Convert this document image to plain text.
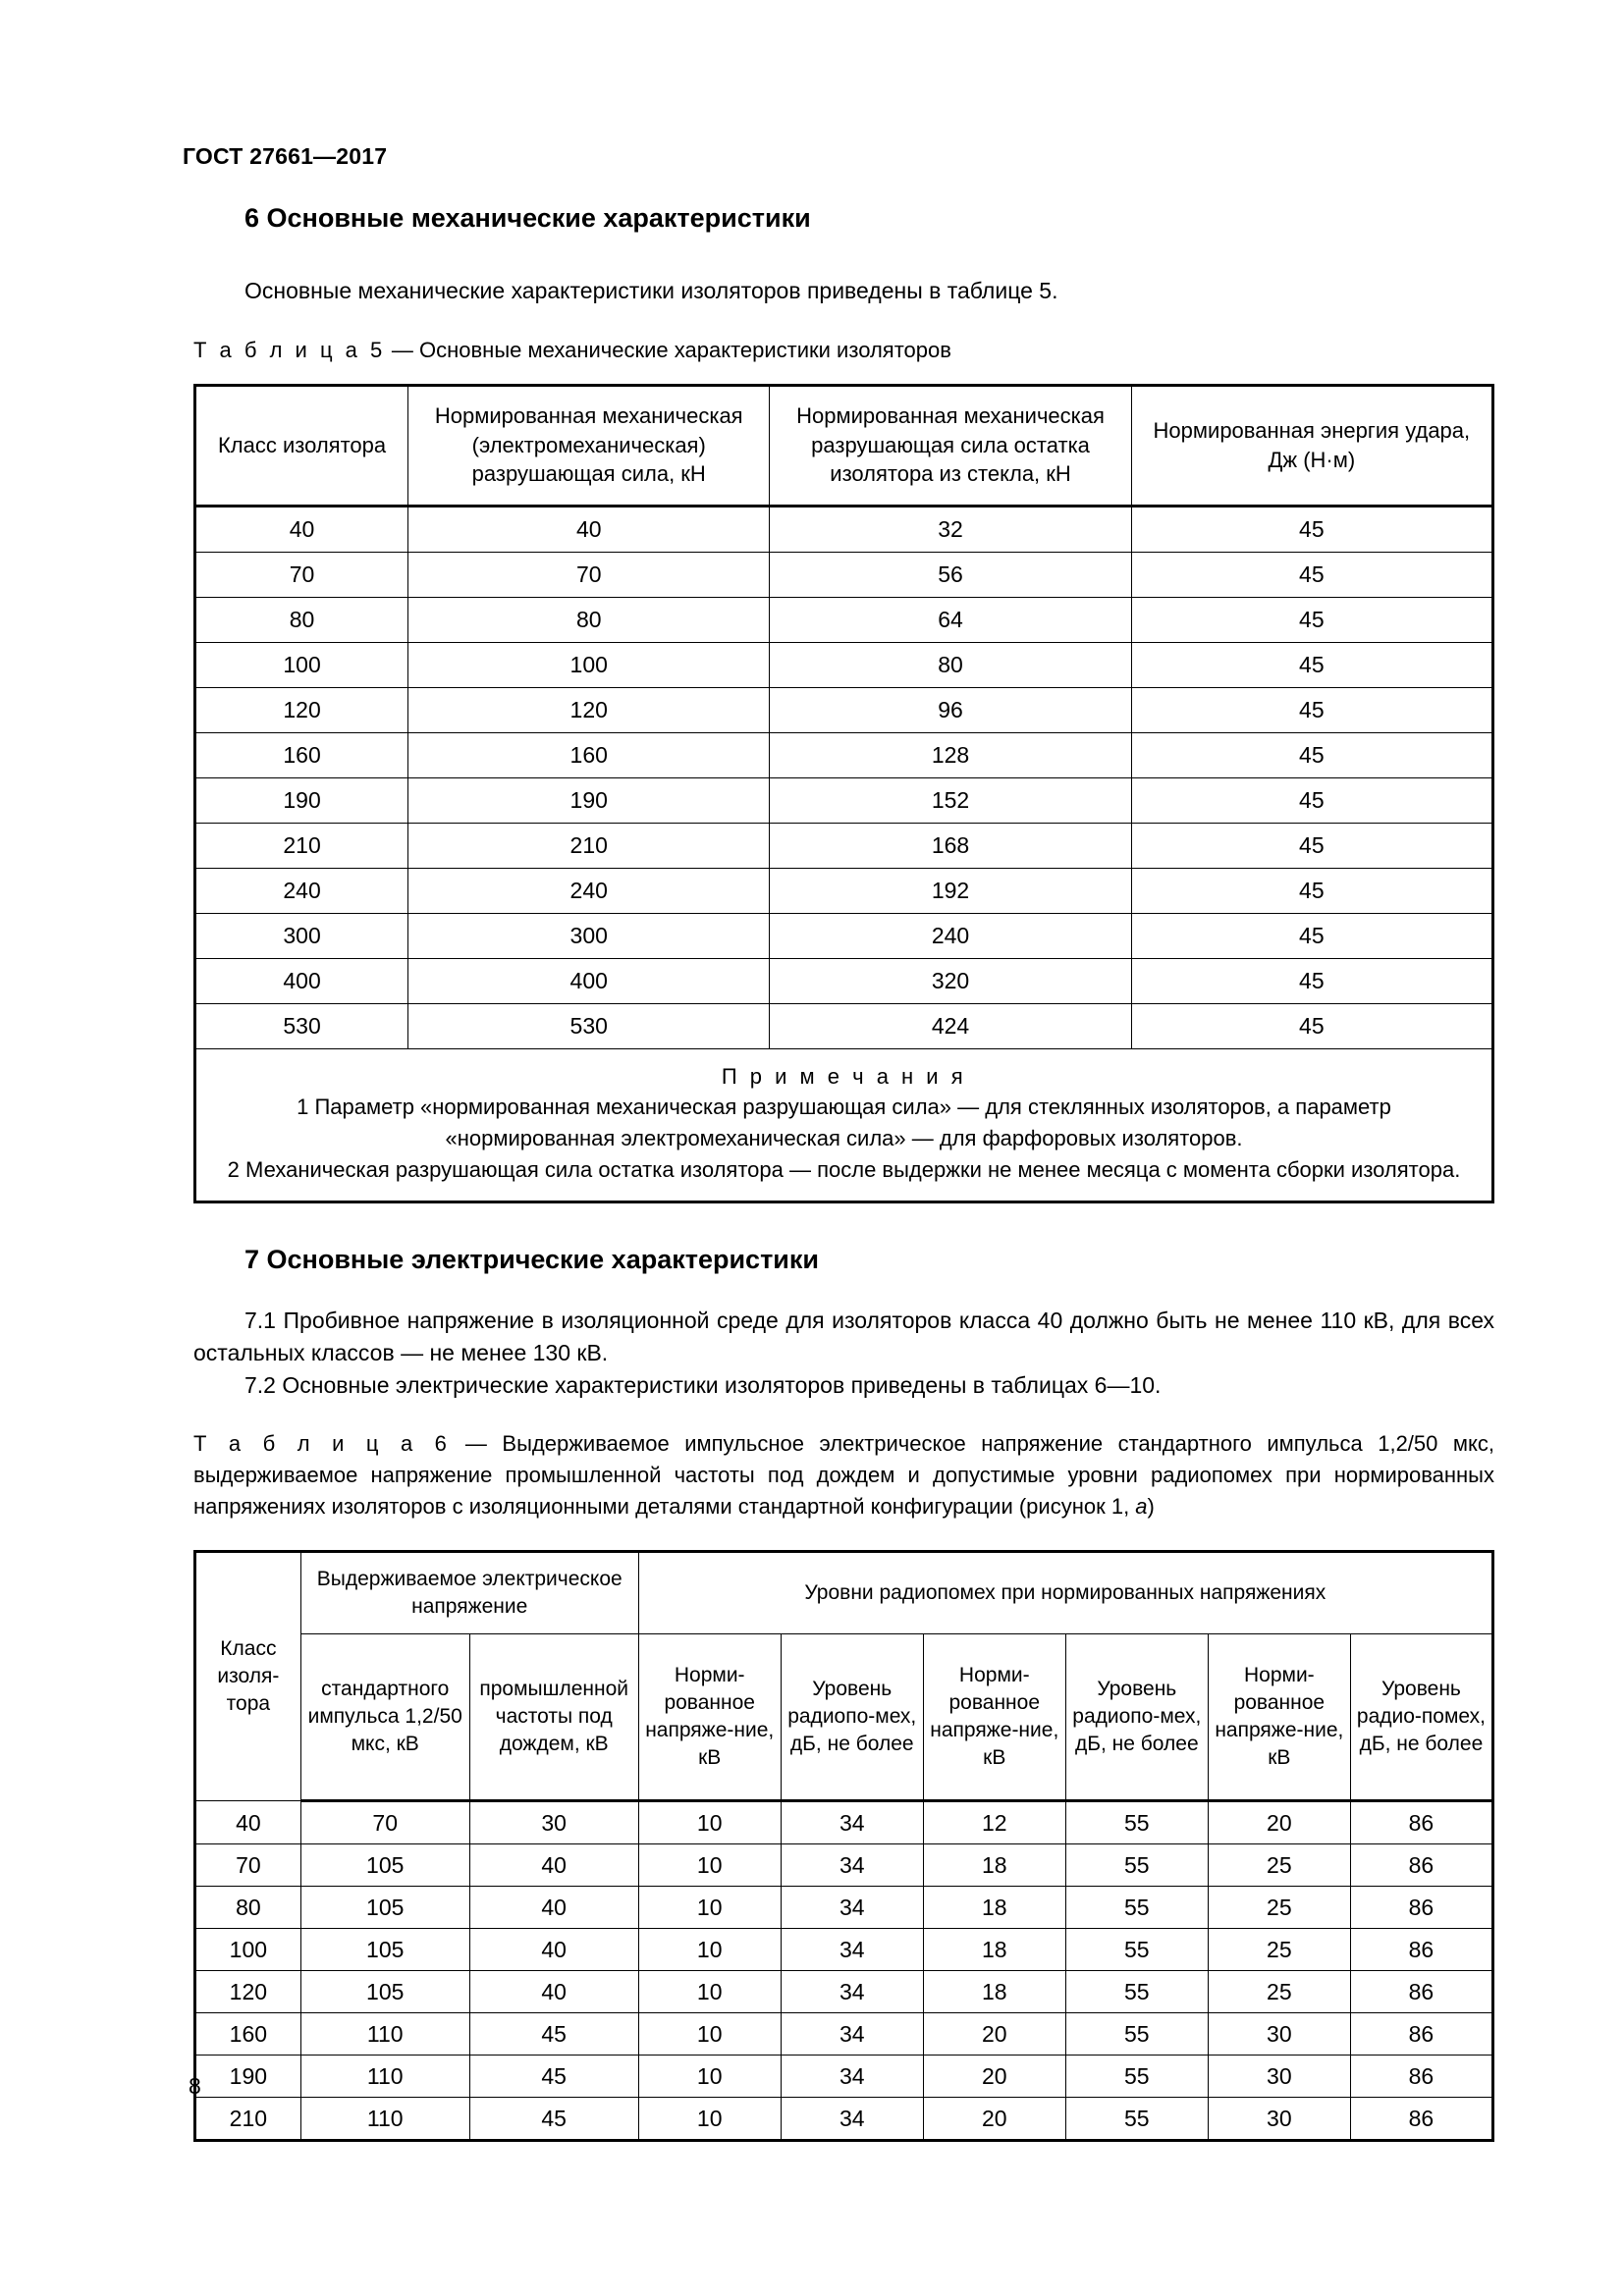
ГОСТ 27661—2017
6 Основные механические характеристики

Основные механические характеристики изоляторов приведены в таблице 5.

Т а б л и ц а 5 — Основные механические характеристики изоляторов

Класс изолятора	Нормированная механическая (электромеханическая) разрушающая сила, кН	Нормированная механическая разрушающая сила остатка изолятора из стекла, кН	Нормированная энергия удара, Дж (Н·м)
40	40	32	45
70	70	56	45
80	80	64	45
100	100	80	45
120	120	96	45
160	160	128	45
190	190	152	45
210	210	168	45
240	240	192	45
300	300	240	45
400	400	320	45
530	530	424	45

П р и м е ч а н и я

1 Параметр «нормированная механическая разрушающая сила» — для стеклянных изоляторов, а параметр «нормированная электромеханическая сила» — для фарфоровых изоляторов.

2 Механическая разрушающая сила остатка изолятора — после выдержки не менее месяца с момента сборки изолятора.			

7 Основные электрические характеристики

7.1 Пробивное напряжение в изоляционной среде для изоляторов класса 40 должно быть не менее 110 кВ, для всех остальных классов — не менее 130 кВ.

7.2 Основные электрические характеристики изоляторов приведены в таблицах 6—10.

Т а б л и ц а 6 — Выдерживаемое импульсное электрическое напряжение стандартного импульса 1,2/50 мкс, выдерживаемое напряжение промышленной частоты под дождем и допустимые уровни радиопомех при нормированных напряжениях изоляторов с изоляционными деталями стандартной конфигурации (рисунок 1, а)

Класс изоля-тора	Выдерживаемое электрическое напряжение		Уровни радиопомех при нормированных напряжениях					
	стандартного импульса 1,2/50 мкс, кВ	промышленной частоты под дождем, кВ	Норми-рованное напряже-ние, кВ	Уровень радиопо-мех, дБ, не более	Норми-рованное напряже-ние, кВ	Уровень радиопо-мех, дБ, не более	Норми-рованное напряже-ние, кВ	Уровень радио-помех, дБ, не более
40	70	30	10	34	12	55	20	86
70	105	40	10	34	18	55	25	86
80	105	40	10	34	18	55	25	86
100	105	40	10	34	18	55	25	86
120	105	40	10	34	18	55	25	86
160	110	45	10	34	20	55	30	86
190	110	45	10	34	20	55	30	86
210	110	45	10	34	20	55	30	86
8
